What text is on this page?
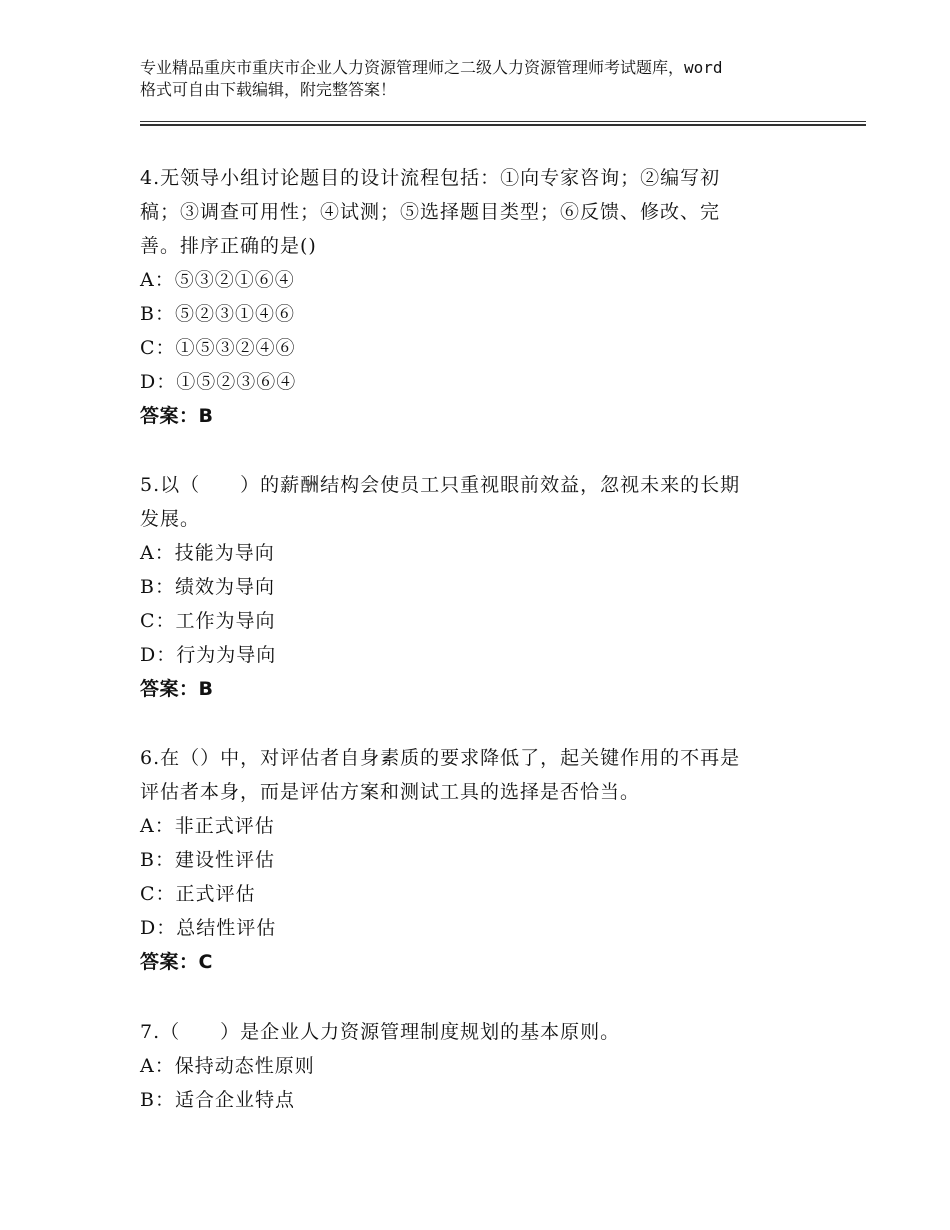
专业精品重庆市重庆市企业人力资源管理师之二级人力资源管理师考试题库，word
格式可自由下载编辑，附完整答案！
4.无领导小组讨论题目的设计流程包括：①向专家咨询；②编写初
稿；③调查可用性；④试测；⑤选择题目类型；⑥反馈、修改、完
善。排序正确的是()
A：⑤③②①⑥④
B：⑤②③①④⑥
C：①⑤③②④⑥
D：①⑤②③⑥④
答案：B
5.以（　　）的薪酬结构会使员工只重视眼前效益，忽视未来的长期
发展。
A：技能为导向
B：绩效为导向
C：工作为导向
D：行为为导向
答案：B
6.在（）中，对评估者自身素质的要求降低了，起关键作用的不再是
评估者本身，而是评估方案和测试工具的选择是否恰当。
A：非正式评估
B：建设性评估
C：正式评估
D：总结性评估
答案：C
7.（　　）是企业人力资源管理制度规划的基本原则。
A：保持动态性原则
B：适合企业特点
